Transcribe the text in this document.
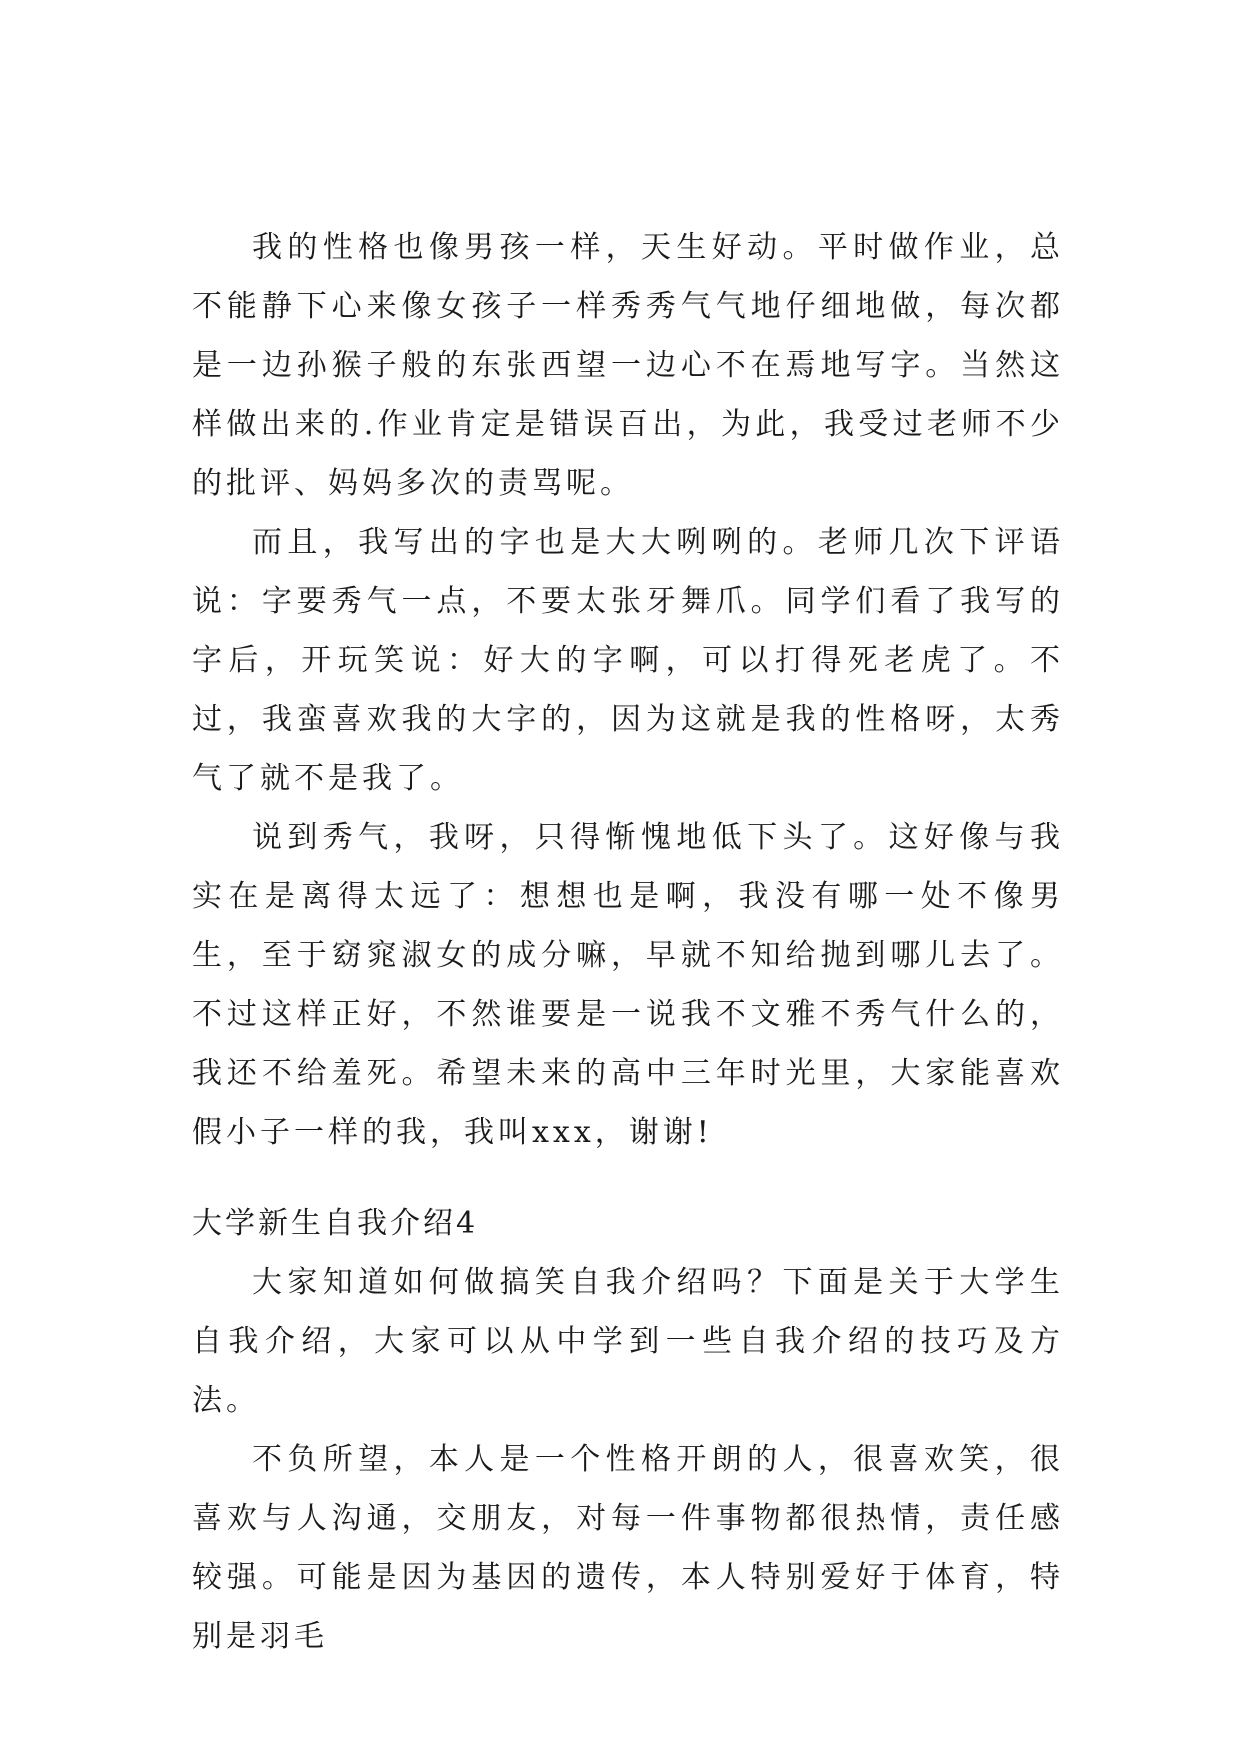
我的性格也像男孩一样，天生好动。平时做作业，总不能静下心来像女孩子一样秀秀气气地仔细地做，每次都是一边孙猴子般的东张西望一边心不在焉地写字。当然这样做出来的.作业肯定是错误百出，为此，我受过老师不少的批评、妈妈多次的责骂呢。

而且，我写出的字也是大大咧咧的。老师几次下评语说：字要秀气一点，不要太张牙舞爪。同学们看了我写的字后，开玩笑说：好大的字啊，可以打得死老虎了。不过，我蛮喜欢我的大字的，因为这就是我的性格呀，太秀气了就不是我了。

说到秀气，我呀，只得惭愧地低下头了。这好像与我实在是离得太远了：想想也是啊，我没有哪一处不像男生，至于窈窕淑女的成分嘛，早就不知给抛到哪儿去了。不过这样正好，不然谁要是一说我不文雅不秀气什么的，我还不给羞死。希望未来的高中三年时光里，大家能喜欢假小子一样的我，我叫xxx，谢谢!

大学新生自我介绍4

大家知道如何做搞笑自我介绍吗？下面是关于大学生自我介绍，大家可以从中学到一些自我介绍的技巧及方法。

不负所望，本人是一个性格开朗的人，很喜欢笑，很喜欢与人沟通，交朋友，对每一件事物都很热情，责任感较强。可能是因为基因的遗传，本人特别爱好于体育，特别是羽毛
